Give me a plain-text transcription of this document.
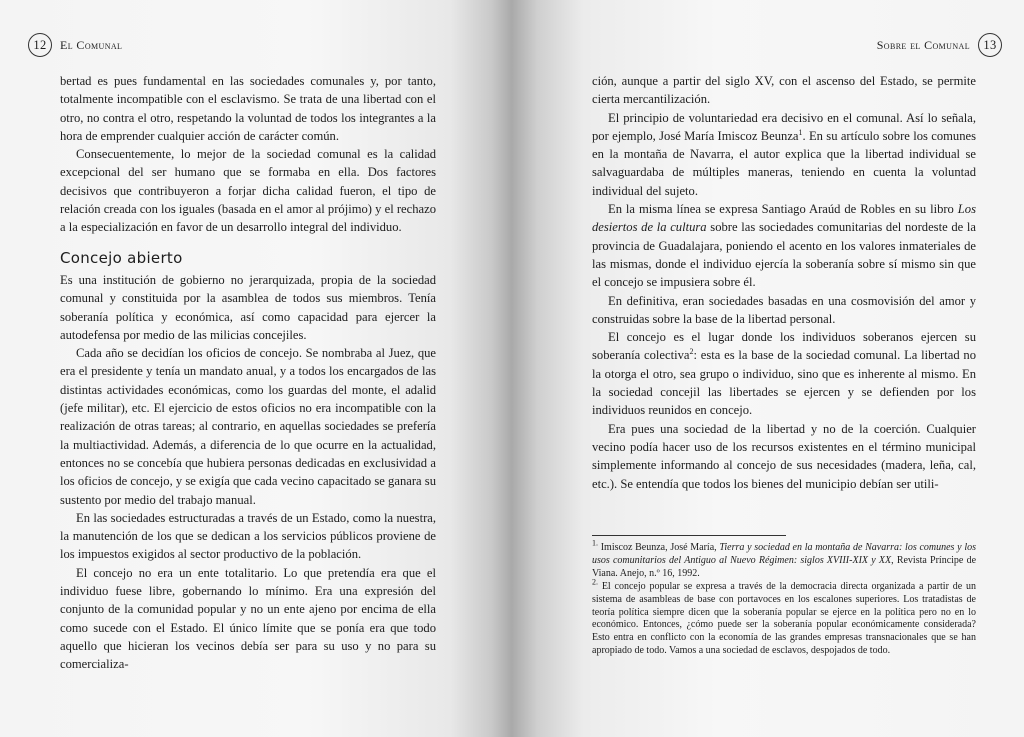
12	El Comunal

bertad es pues fundamental en las sociedades comunales y, por tanto, totalmente incompatible con el esclavismo. Se trata de una libertad con el otro, no contra el otro, respetando la voluntad de todos los integrantes a la hora de emprender cualquier acción de carácter común.

Consecuentemente, lo mejor de la sociedad comunal es la calidad excepcional del ser humano que se formaba en ella. Dos factores decisivos que contribuyeron a forjar dicha calidad fueron, el tipo de relación creada con los iguales (basada en el amor al prójimo) y el rechazo a la especialización en favor de un desarrollo integral del individuo.

Concejo abierto

Es una institución de gobierno no jerarquizada, propia de la sociedad comunal y constituida por la asamblea de todos sus miembros. Tenía soberanía política y económica, así como capacidad para ejercer la autodefensa por medio de las milicias concejiles.

Cada año se decidían los oficios de concejo. Se nombraba al Juez, que era el presidente y tenía un mandato anual, y a todos los encargados de las distintas actividades económicas, como los guardas del monte, el adalid (jefe militar), etc. El ejercicio de estos oficios no era incompatible con la realización de otras tareas; al contrario, en aquellas sociedades se prefería la multiactividad. Además, a diferencia de lo que ocurre en la actualidad, entonces no se concebía que hubiera personas dedicadas en exclusividad a los oficios de concejo, y se exigía que cada vecino capacitado se ganara su sustento por medio del trabajo manual.

En las sociedades estructuradas a través de un Estado, como la nuestra, la manutención de los que se dedican a los servicios públicos proviene de los impuestos exigidos al sector productivo de la población.

El concejo no era un ente totalitario. Lo que pretendía era que el individuo fuese libre, gobernando lo mínimo. Era una expresión del conjunto de la comunidad popular y no un ente ajeno por encima de ella como sucede con el Estado. El único límite que se ponía era que todo aquello que hicieran los vecinos debía ser para su uso y no para su comercializa-

Sobre el Comunal	13

ción, aunque a partir del siglo XV, con el ascenso del Estado, se permite cierta mercantilización.

El principio de voluntariedad era decisivo en el comunal. Así lo señala, por ejemplo, José María Imiscoz Beunza$^1$. En su artículo sobre los comunes en la montaña de Navarra, el autor explica que la libertad individual se salvaguardaba de múltiples maneras, teniendo en cuenta la voluntad individual del sujeto.

En la misma línea se expresa Santiago Araúd de Robles en su libro Los desiertos de la cultura sobre las sociedades comunitarias del nordeste de la provincia de Guadalajara, poniendo el acento en los valores inmateriales de las mismas, donde el individuo ejercía la soberanía sobre sí mismo sin que el concejo se impusiera sobre él.

En definitiva, eran sociedades basadas en una cosmovisión del amor y construidas sobre la base de la libertad personal.

El concejo es el lugar donde los individuos soberanos ejercen su soberanía colectiva$^2$: esta es la base de la sociedad comunal. La libertad no la otorga el otro, sea grupo o individuo, sino que es inherente al mismo. En la sociedad concejil las libertades se ejercen y se defienden por los individuos reunidos en concejo.

Era pues una sociedad de la libertad y no de la coerción. Cualquier vecino podía hacer uso de los recursos existentes en el término municipal simplemente informando al concejo de sus necesidades (madera, leña, cal, etc.). Se entendía que todos los bienes del municipio debían ser utili-

$^{1.}$ Imiscoz Beunza, José María, Tierra y sociedad en la montaña de Navarra: los comunes y los usos comunitarios del Antiguo al Nuevo Régimen: siglos XVIII-XIX y XX, Revista Príncipe de Viana. Anejo, n.º 16, 1992.

$^{2.}$ El concejo popular se expresa a través de la democracia directa organizada a partir de un sistema de asambleas de base con portavoces en los escalones superiores. Los tratadistas de teoría política siempre dicen que la soberanía popular se ejerce en la política pero no en lo económico. Entonces, ¿cómo puede ser la soberanía popular económicamente considerada? Esto entra en conflicto con la economía de las grandes empresas transnacionales que se han apropiado de todo. Vamos a una sociedad de esclavos, despojados de todo.
